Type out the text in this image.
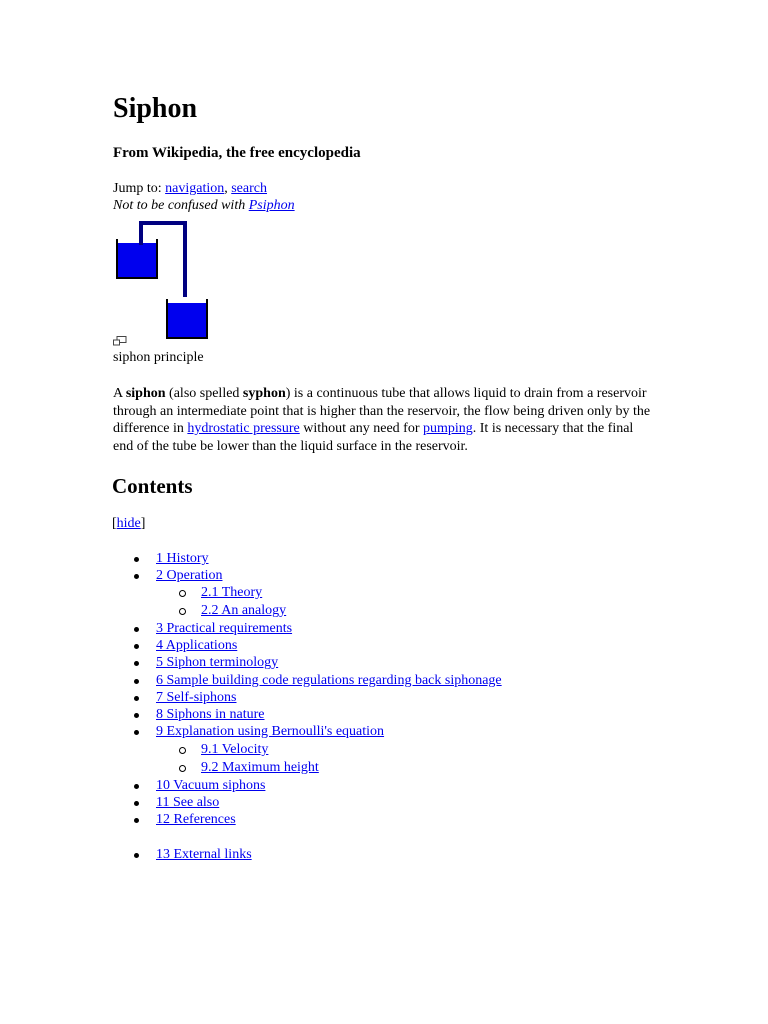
Siphon
From Wikipedia, the free encyclopedia
Jump to: navigation, search
Not to be confused with Psiphon
siphon principle
A siphon (also spelled syphon) is a continuous tube that allows liquid to drain from a reservoir through an intermediate point that is higher than the reservoir, the flow being driven only by the difference in hydrostatic pressure without any need for pumping. It is necessary that the final end of the tube be lower than the liquid surface in the reservoir.
Contents
[hide]
1 History
2 Operation
2.1 Theory
2.2 An analogy
3 Practical requirements
4 Applications
5 Siphon terminology
6 Sample building code regulations regarding back siphonage
7 Self-siphons
8 Siphons in nature
9 Explanation using Bernoulli's equation
9.1 Velocity
9.2 Maximum height
10 Vacuum siphons
11 See also
12 References
13 External links
